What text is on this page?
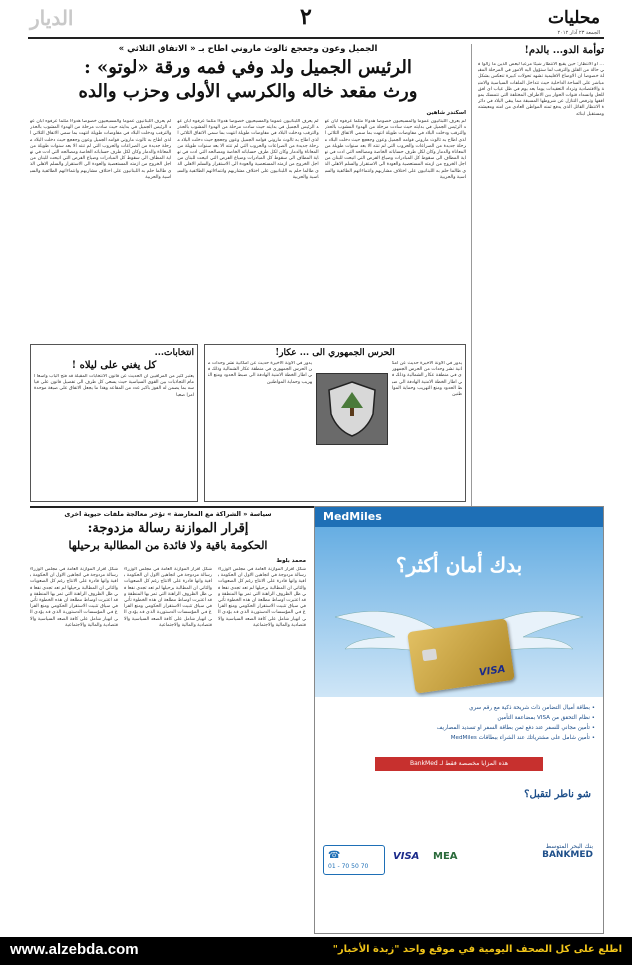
الديار	٢	محليات
الجمعة ٢٣ آذار ٢٠١٢
توأمة الدو... بالدم!
... او الانتظار: حين يقبع الانتظار شيئا مرعبا لبعض الذين ما زالوا في حالة من القلق والترقب لما ستؤول اليه الامور في المرحلة المقبلة خصوصا ان الاوضاع الاقليمية تشهد تحولات كبيرة تنعكس بشكل مباشر على الساحة الداخلية حيث تتداخل الملفات السياسية والامنية والاقتصادية وتزداد التعقيدات يوما بعد يوم في ظل غياب اي افق للحل وانسداد قنوات الحوار بين الاطراف المختلفة التي تتمسك بمواقفها وترفض التنازل عن شروطها المسبقة مما يبقي البلاد في دائرة الانتظار القاتل الذي يدفع ثمنه المواطن العادي من امنه ومعيشته ومستقبل ابنائه
الجميل وعون وجعجع ثالوث ماروني اطاح بـ « الاتفاق الثلاثي »
الرئيس الجميل ولد وفي فمه ورقة «لوتو» :
ورث مقعد خاله والكرسي الأولى وحزب والده
اسكندر شاهين
لم يعرف اللبنانيون عموما والمسيحيون خصوصا هدوءا مثلما عرفوه ابان عهد الرئيس الجميل في بدايته حيث سادت مرحلة من الهدوء المشوب بالحذر والترقب ودخلت البلاد في مفاوضات طويلة انتهت بما سمي الاتفاق الثلاثي الذي اطاح به ثالوث ماروني قوامه الجميل وعون وجعجع حيث دخلت البلاد مرحلة جديدة من الصراعات والحروب التي لم تنته الا بعد سنوات طويلة من المعاناة والدمار وكان لكل طرف حساباته الخاصة ومصالحه التي ادت في نهاية المطاف الى سقوط كل المبادرات وضياع الفرص التي اتيحت للبنان من اجل الخروج من ازمته المستعصية والعودة الى الاستقرار والسلم الاهلي الذي طالما حلم به اللبنانيون على اختلاف مشاربهم وانتماءاتهم الطائفية والسياسية والحزبية
لم يعرف اللبنانيون عموما والمسيحيون خصوصا هدوءا مثلما عرفوه ابان عهد الرئيس الجميل في بدايته حيث سادت مرحلة من الهدوء المشوب بالحذر والترقب ودخلت البلاد في مفاوضات طويلة انتهت بما سمي الاتفاق الثلاثي الذي اطاح به ثالوث ماروني قوامه الجميل وعون وجعجع حيث دخلت البلاد مرحلة جديدة من الصراعات والحروب التي لم تنته الا بعد سنوات طويلة من المعاناة والدمار وكان لكل طرف حساباته الخاصة ومصالحه التي ادت في نهاية المطاف الى سقوط كل المبادرات وضياع الفرص التي اتيحت للبنان من اجل الخروج من ازمته المستعصية والعودة الى الاستقرار والسلم الاهلي الذي طالما حلم به اللبنانيون على اختلاف مشاربهم وانتماءاتهم الطائفية والسياسية والحزبية
لم يعرف اللبنانيون عموما والمسيحيون خصوصا هدوءا مثلما عرفوه ابان عهد الرئيس الجميل في بدايته حيث سادت مرحلة من الهدوء المشوب بالحذر والترقب ودخلت البلاد في مفاوضات طويلة انتهت بما سمي الاتفاق الثلاثي الذي اطاح به ثالوث ماروني قوامه الجميل وعون وجعجع حيث دخلت البلاد مرحلة جديدة من الصراعات والحروب التي لم تنته الا بعد سنوات طويلة من المعاناة والدمار وكان لكل طرف حساباته الخاصة ومصالحه التي ادت في نهاية المطاف الى سقوط كل المبادرات وضياع الفرص التي اتيحت للبنان من اجل الخروج من ازمته المستعصية والعودة الى الاستقرار والسلم الاهلي الذي طالما حلم به اللبنانيون على اختلاف مشاربهم وانتماءاتهم الطائفية والسياسية والحزبية
انتخابات...
كل يغني على ليلاه !
يعتبر كثير من المراقبين ان الحديث عن قانون الانتخابات المقبلة قد فتح الباب واسعا امام التجاذبات بين القوى السياسية حيث يسعى كل طرف الى تفصيل قانون على قياسه بما يضمن له الفوز باكبر عدد من المقاعد وهذا ما يجعل الاتفاق على صيغة موحدة امرا صعبا
الحرس الجمهوري الى ... عكار!
يدور في الاونة الاخيرة حديث عن امكانية نشر وحدات من الحرس الجمهوري في منطقة عكار الشمالية وذلك في اطار الخطة الامنية الهادفة الى ضبط الحدود ومنع التهريب وحماية المواطنين
يدور في الاونة الاخيرة حديث عن امكانية نشر وحدات من الحرس الجمهوري في منطقة عكار الشمالية وذلك في اطار الخطة الامنية الهادفة الى ضبط الحدود ومنع التهريب وحماية المواطنين
سياسة « الشراكة مع المعارضة » تؤخر معالجة ملفات حيوية اخرى
إقرار الموازنة رسالة مزدوجة:
الحكومة باقية ولا فائدة من المطالبة برحيلها
محمد بلوط
شكل اقرار الموازنة العامة في مجلس الوزراء رسالة مزدوجة في اتجاهين الاول ان الحكومة باقية وانها قادرة على الانتاج رغم كل الصعوبات والثاني ان المطالبة برحيلها لم تعد تجدي نفعا في ظل الظروف الراهنة التي تمر بها المنطقة وقد اعتبرت اوساط مطلعة ان هذه الخطوة تأتي في سياق تثبيت الاستقرار الحكومي ومنع الفراغ في المؤسسات الدستورية الذي قد يؤدي الى انهيار شامل على كافة الصعد السياسية والاقتصادية والمالية والاجتماعية
شكل اقرار الموازنة العامة في مجلس الوزراء رسالة مزدوجة في اتجاهين الاول ان الحكومة باقية وانها قادرة على الانتاج رغم كل الصعوبات والثاني ان المطالبة برحيلها لم تعد تجدي نفعا في ظل الظروف الراهنة التي تمر بها المنطقة وقد اعتبرت اوساط مطلعة ان هذه الخطوة تأتي في سياق تثبيت الاستقرار الحكومي ومنع الفراغ في المؤسسات الدستورية الذي قد يؤدي الى انهيار شامل على كافة الصعد السياسية والاقتصادية والمالية والاجتماعية
شكل اقرار الموازنة العامة في مجلس الوزراء رسالة مزدوجة في اتجاهين الاول ان الحكومة باقية وانها قادرة على الانتاج رغم كل الصعوبات والثاني ان المطالبة برحيلها لم تعد تجدي نفعا في ظل الظروف الراهنة التي تمر بها المنطقة وقد اعتبرت اوساط مطلعة ان هذه الخطوة تأتي في سياق تثبيت الاستقرار الحكومي ومنع الفراغ في المؤسسات الدستورية الذي قد يؤدي الى انهيار شامل على كافة الصعد السياسية والاقتصادية والمالية والاجتماعية
MedMiles
بدك أمان أكثر؟
VISA
• بطاقة أميال التضامن ذات شريحة ذكية مع رقم سري
• نظام التحقق من VISA بمضاعفة التأمين
• تأمين مجاني للسفر عند دفع ثمن بطاقة السفر او تسديد المصاريف
• تأمين شامل على مشترياتك عند الشراء ببطاقات MedMiles
هذه المزايا مخصصة فقط لـ BankMed
شو ناطر لتقبل؟
بنك البحر المتوسط
BANKMED
MEA
VISA
☎
01 - 70 50 70
www.alzebda.com	اطلع على كل الصحف اليومية في موقع واحد "زبدة الأخبار"
